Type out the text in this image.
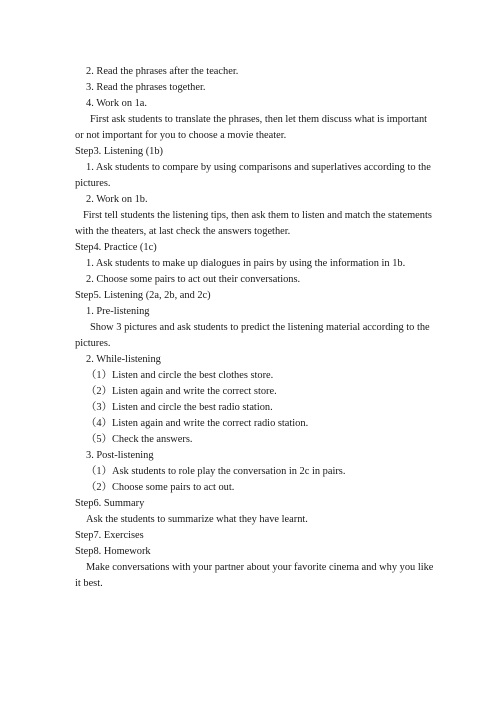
2. Read the phrases after the teacher.
3. Read the phrases together.
4. Work on 1a.
First ask students to translate the phrases, then let them discuss what is important
or not important for you to choose a movie theater.
Step3. Listening (1b)
1. Ask students to compare by using comparisons and superlatives according to the
pictures.
2. Work on 1b.
First tell students the listening tips, then ask them to listen and match the statements
with the theaters, at last check the answers together.
Step4. Practice (1c)
1. Ask students to make up dialogues in pairs by using the information in 1b.
2. Choose some pairs to act out their conversations.
Step5. Listening (2a, 2b, and 2c)
1. Pre-listening
Show 3 pictures and ask students to predict the listening material according to the
pictures.
2. While-listening
（1）Listen and circle the best clothes store.
（2）Listen again and write the correct store.
（3）Listen and circle the best radio station.
（4）Listen again and write the correct radio station.
（5）Check the answers.
3. Post-listening
（1）Ask students to role play the conversation in 2c in pairs.
（2）Choose some pairs to act out.
Step6. Summary
Ask the students to summarize what they have learnt.
Step7. Exercises
Step8. Homework
Make conversations with your partner about your favorite cinema and why you like
it best.
